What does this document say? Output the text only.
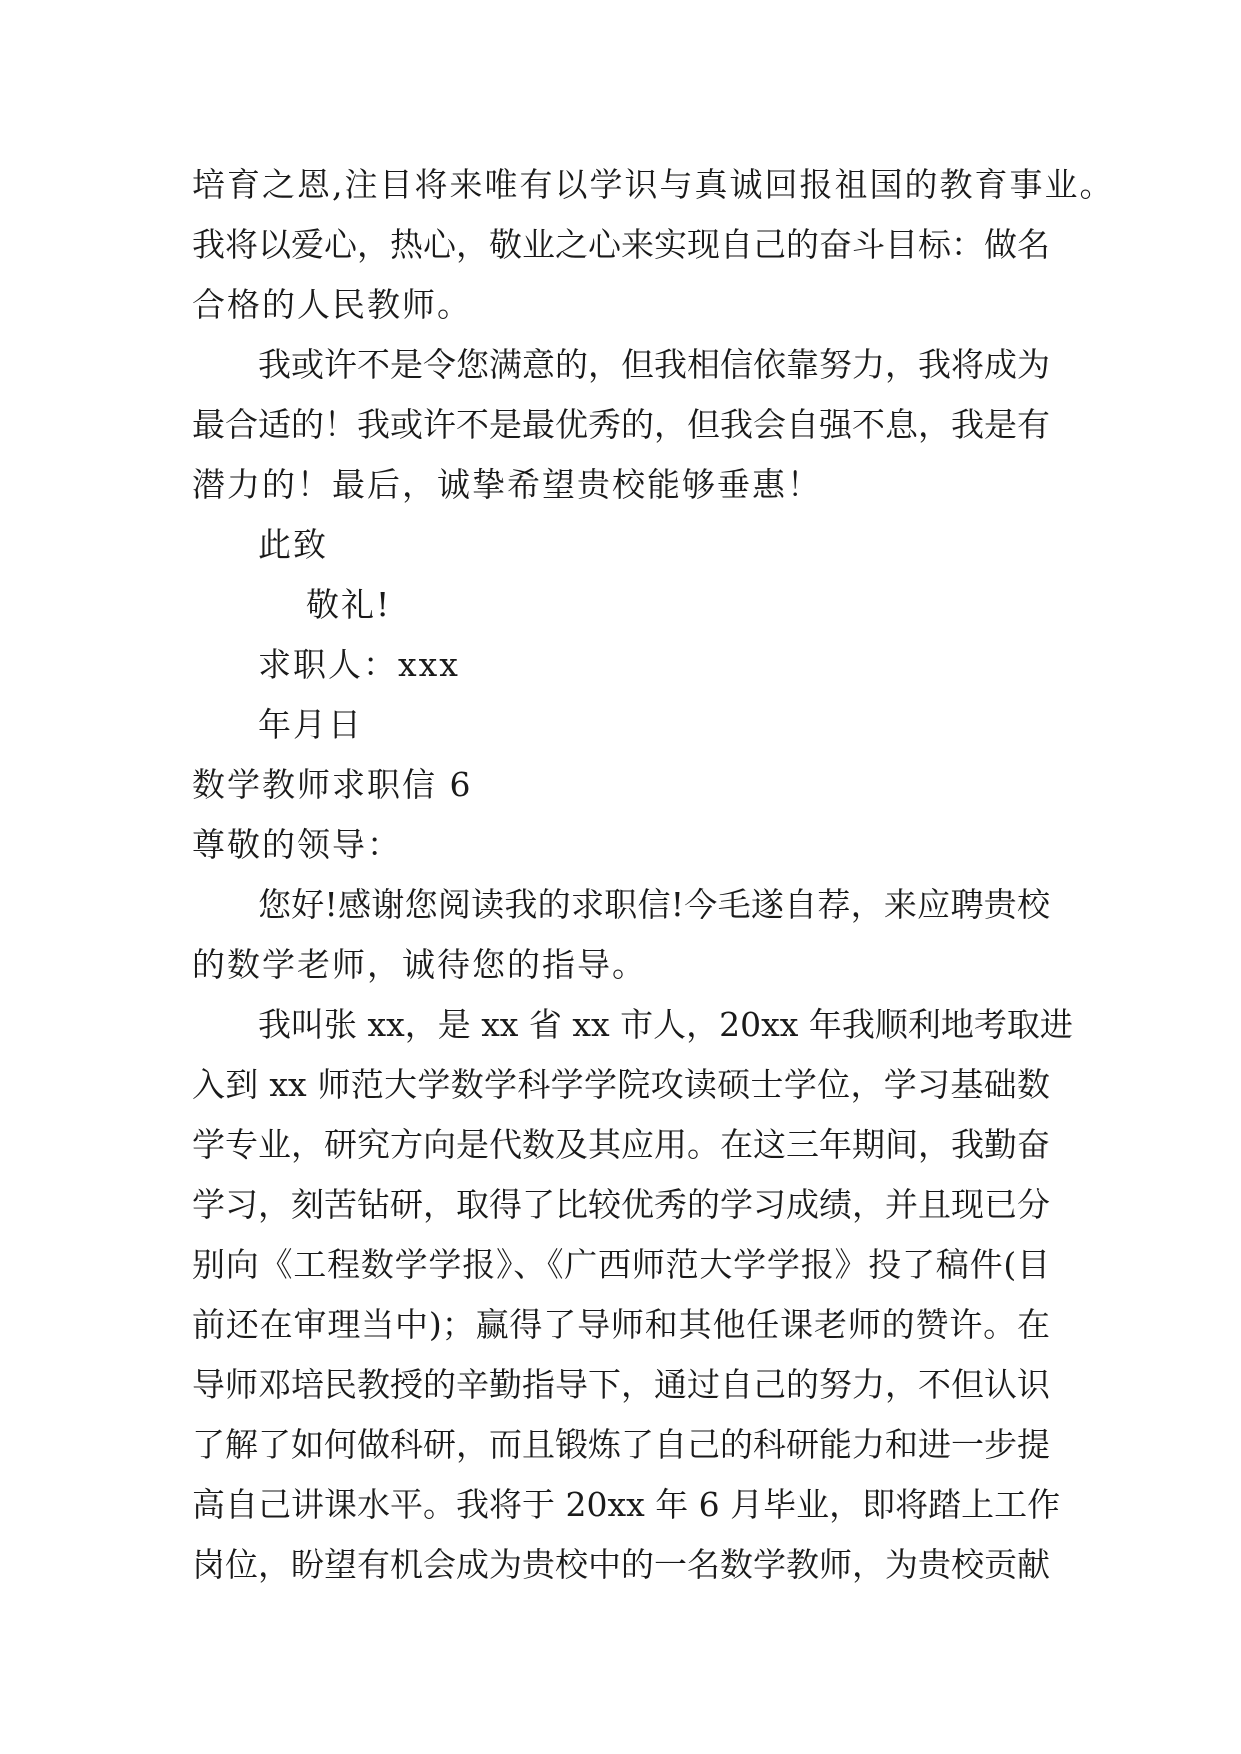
培育之恩,注目将来唯有以学识与真诚回报祖国的教育事业。
我将以爱心，热心，敬业之心来实现自己的奋斗目标：做名
合格的人民教师。
我或许不是令您满意的，但我相信依靠努力，我将成为
最合适的！我或许不是最优秀的，但我会自强不息，我是有
潜力的！最后，诚挚希望贵校能够垂惠！
此致
敬礼!
求职人：xxx
年月日
数学教师求职信 6
尊敬的领导：
您好!感谢您阅读我的求职信!今毛遂自荐，来应聘贵校
的数学老师，诚待您的指导。
我叫张 xx，是 xx 省 xx 市人，20xx 年我顺利地考取进
入到 xx 师范大学数学科学学院攻读硕士学位，学习基础数
学专业，研究方向是代数及其应用。在这三年期间，我勤奋
学习，刻苦钻研，取得了比较优秀的学习成绩，并且现已分
别向《工程数学学报》、《广西师范大学学报》投了稿件(目
前还在审理当中)；赢得了导师和其他任课老师的赞许。在
导师邓培民教授的辛勤指导下，通过自己的努力，不但认识
了解了如何做科研，而且锻炼了自己的科研能力和进一步提
高自己讲课水平。我将于 20xx 年 6 月毕业，即将踏上工作
岗位，盼望有机会成为贵校中的一名数学教师，为贵校贡献
